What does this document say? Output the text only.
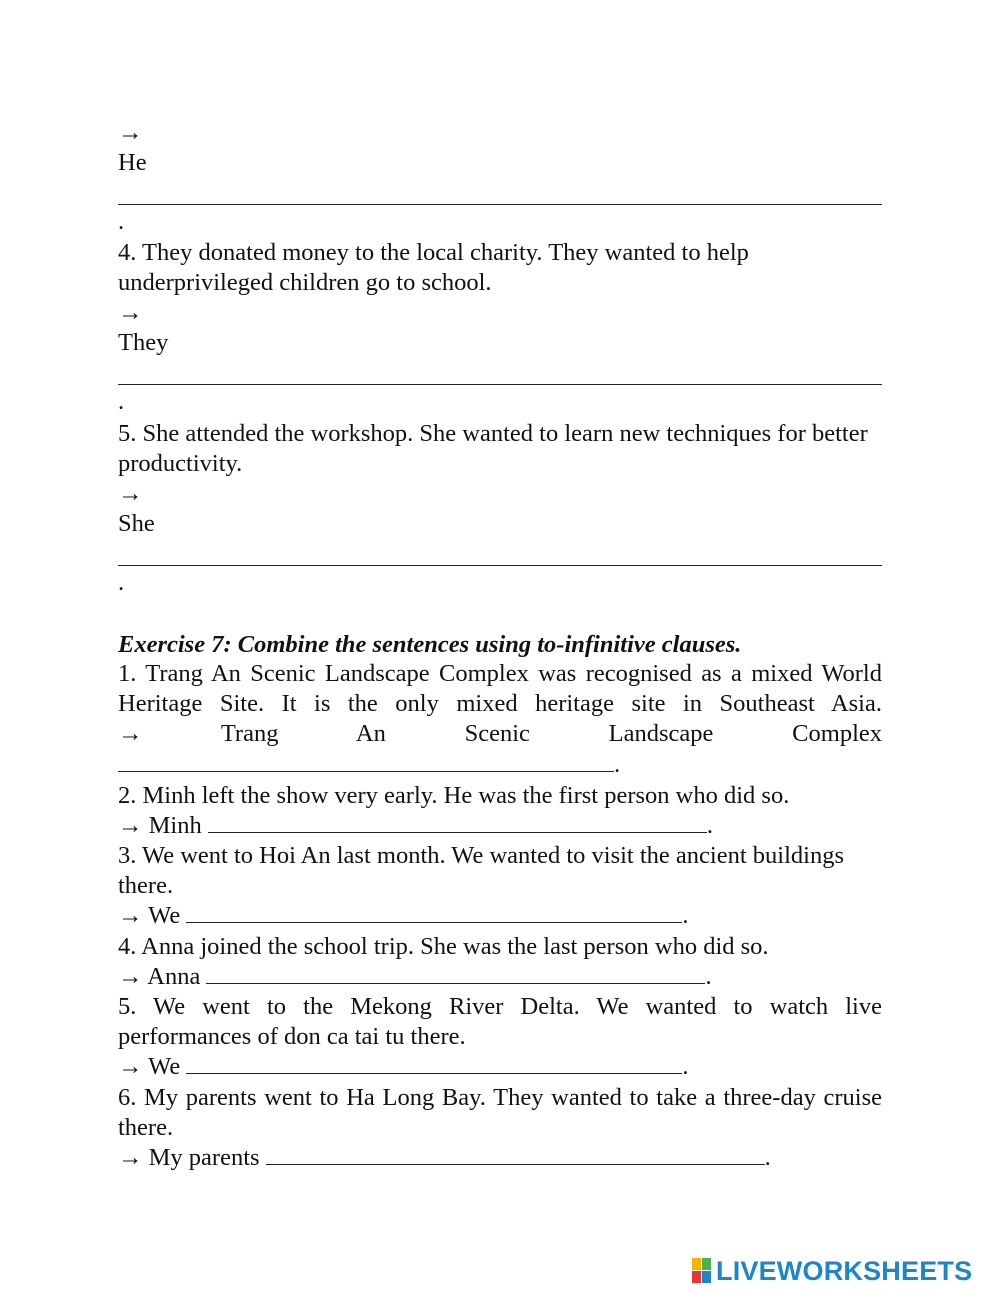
→
He
.
4. They donated money to the local charity. They wanted to help underprivileged children go to school.
→
They
.
5. She attended the workshop. She wanted to learn new techniques for better productivity.
→
She
.
Exercise 7: Combine the sentences using to-infinitive clauses.
1. Trang An Scenic Landscape Complex was recognised as a mixed World Heritage Site. It is the only mixed heritage site in Southeast Asia.
→ Trang An Scenic Landscape Complex
.
2. Minh left the show very early. He was the first person who did so.
→ Minh	.
3. We went to Hoi An last month. We wanted to visit the ancient buildings there.
→ We	.
4. Anna joined the school trip. She was the last person who did so.
→ Anna	.
5. We went to the Mekong River Delta. We wanted to watch live performances of don ca tai tu there.
→ We	.
6. My parents went to Ha Long Bay. They wanted to take a three-day cruise there.
→ My parents	.
LIVEWORKSHEETS
